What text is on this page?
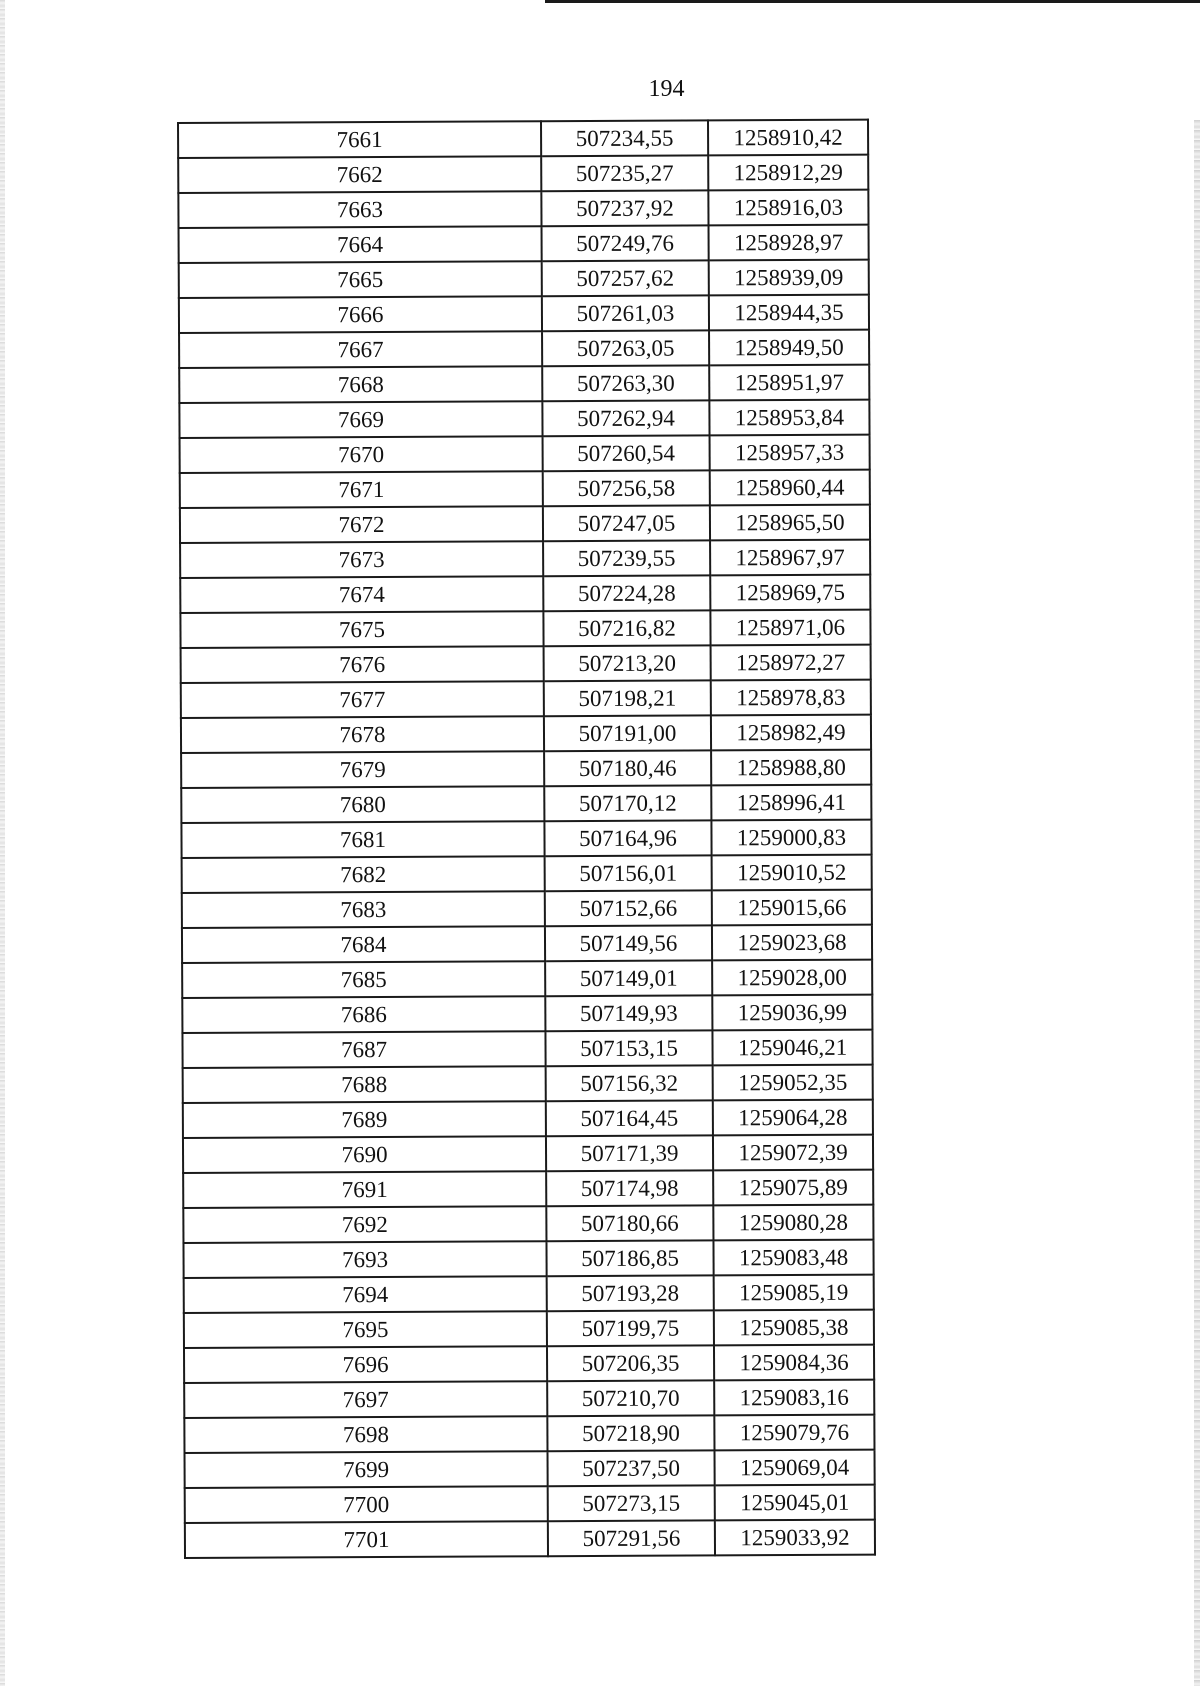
194
7661	507234,55	1258910,42
7662	507235,27	1258912,29
7663	507237,92	1258916,03
7664	507249,76	1258928,97
7665	507257,62	1258939,09
7666	507261,03	1258944,35
7667	507263,05	1258949,50
7668	507263,30	1258951,97
7669	507262,94	1258953,84
7670	507260,54	1258957,33
7671	507256,58	1258960,44
7672	507247,05	1258965,50
7673	507239,55	1258967,97
7674	507224,28	1258969,75
7675	507216,82	1258971,06
7676	507213,20	1258972,27
7677	507198,21	1258978,83
7678	507191,00	1258982,49
7679	507180,46	1258988,80
7680	507170,12	1258996,41
7681	507164,96	1259000,83
7682	507156,01	1259010,52
7683	507152,66	1259015,66
7684	507149,56	1259023,68
7685	507149,01	1259028,00
7686	507149,93	1259036,99
7687	507153,15	1259046,21
7688	507156,32	1259052,35
7689	507164,45	1259064,28
7690	507171,39	1259072,39
7691	507174,98	1259075,89
7692	507180,66	1259080,28
7693	507186,85	1259083,48
7694	507193,28	1259085,19
7695	507199,75	1259085,38
7696	507206,35	1259084,36
7697	507210,70	1259083,16
7698	507218,90	1259079,76
7699	507237,50	1259069,04
7700	507273,15	1259045,01
7701	507291,56	1259033,92
